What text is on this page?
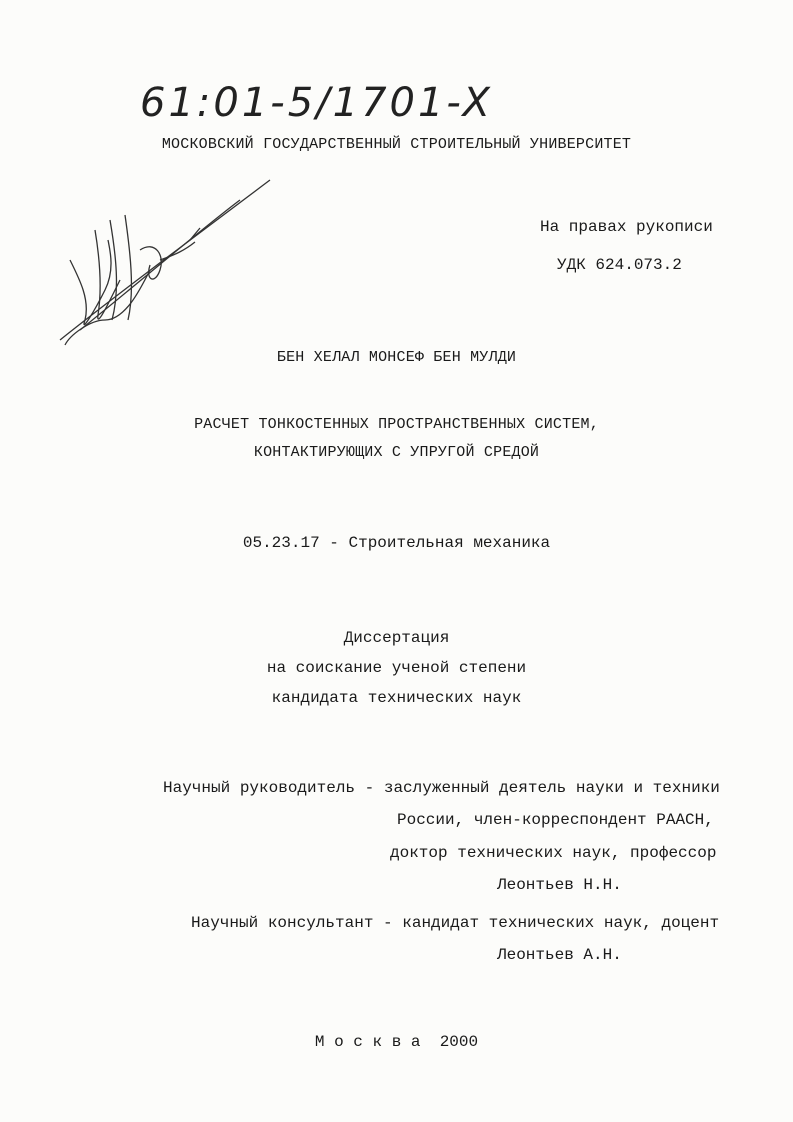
61:01-5/1701-X
МОСКОВСКИЙ ГОСУДАРСТВЕННЫЙ СТРОИТЕЛЬНЫЙ УНИВЕРСИТЕТ
На правах рукописи
УДК 624.073.2
БЕН ХЕЛАЛ МОНСЕФ БЕН МУЛДИ
РАСЧЕТ ТОНКОСТЕННЫХ ПРОСТРАНСТВЕННЫХ СИСТЕМ,
КОНТАКТИРУЮЩИХ С УПРУГОЙ СРЕДОЙ
05.23.17 - Строительная механика
Диссертация
на соискание ученой степени
кандидата технических наук
Научный руководитель - заслуженный деятель науки и техники
России, член-корреспондент РААСН,
доктор технических наук, профессор
Леонтьев Н.Н.
Научный консультант - кандидат технических наук, доцент
Леонтьев А.Н.
М о с к в а  2000
